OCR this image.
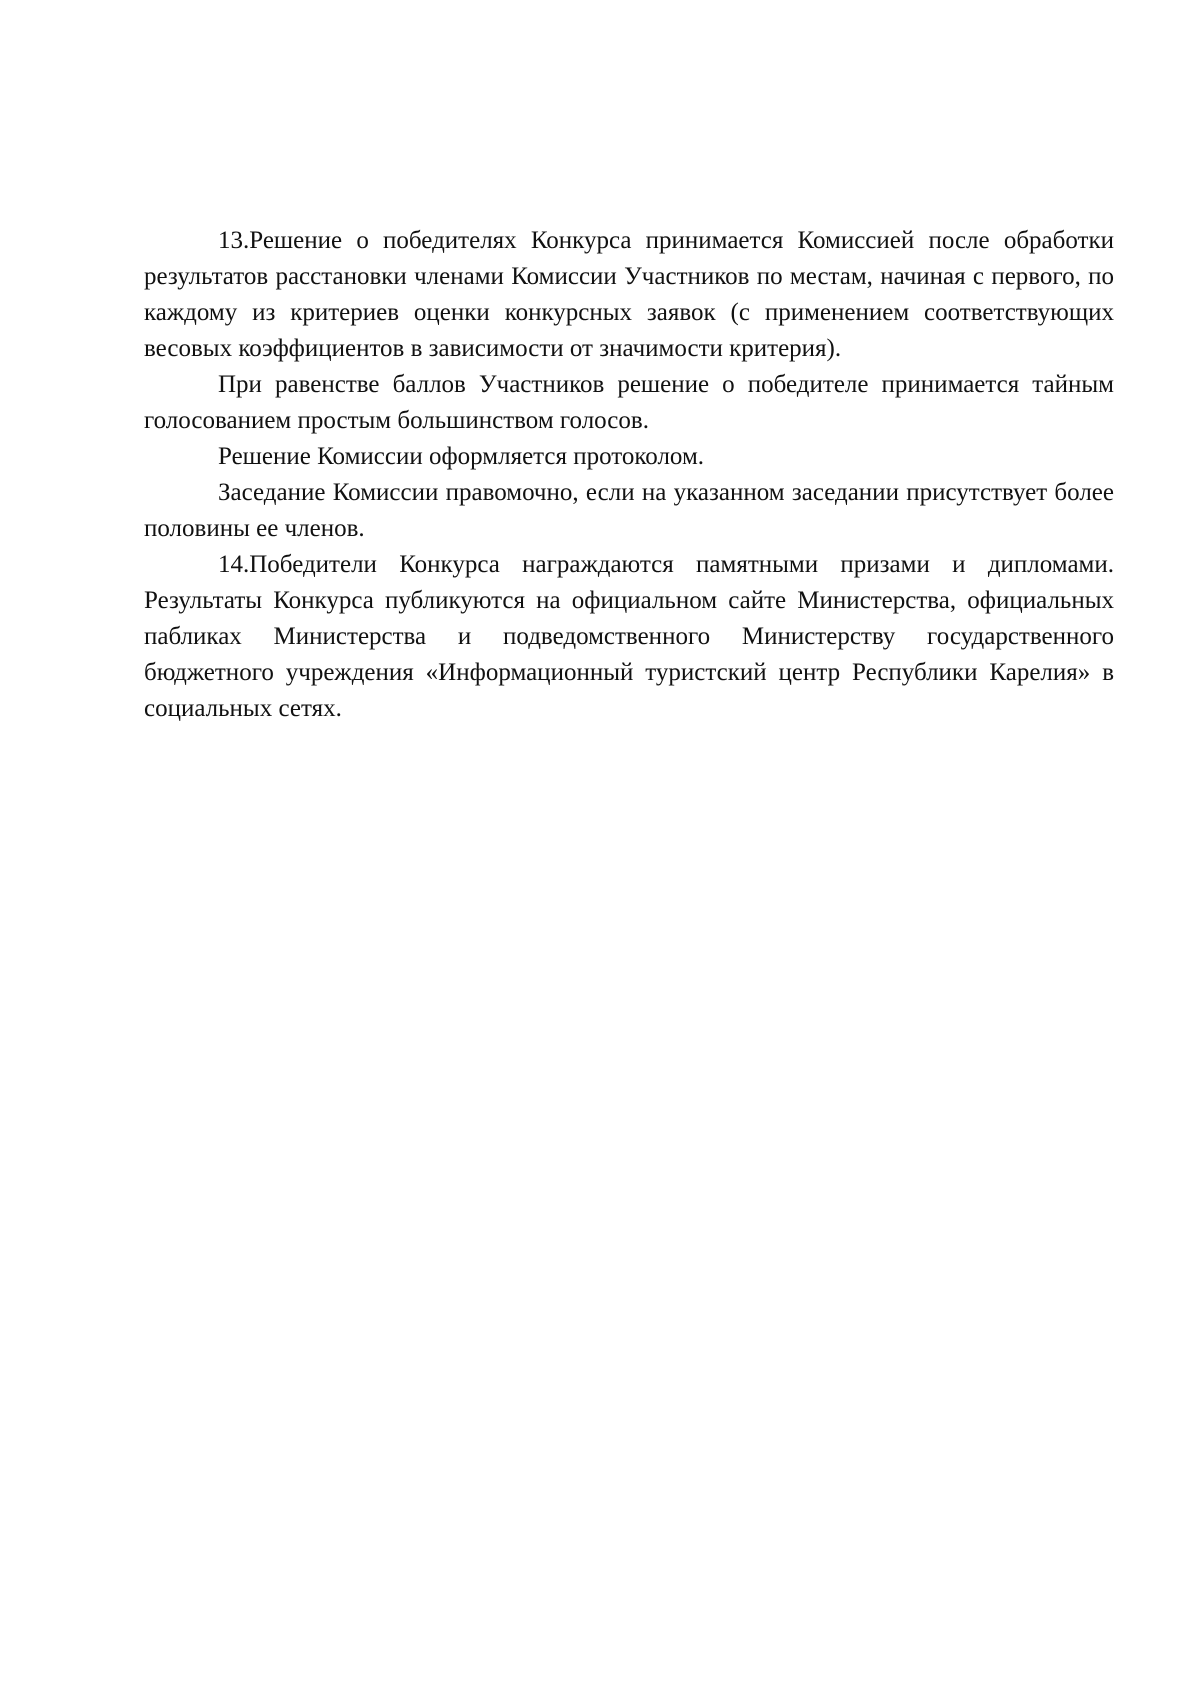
13.Решение о победителях Конкурса принимается Комиссией после обработки результатов расстановки членами Комиссии Участников по местам, начиная с первого, по каждому из критериев оценки конкурсных заявок (с применением соответствующих весовых коэффициентов в зависимости от значимости критерия).

При равенстве баллов Участников решение о победителе принимается тайным голосованием простым большинством голосов.

Решение Комиссии оформляется протоколом.

Заседание Комиссии правомочно, если на указанном заседании присутствует более половины ее членов.

14.Победители Конкурса награждаются памятными призами и дипломами. Результаты Конкурса публикуются на официальном сайте Министерства, официальных пабликах Министерства и подведомственного Министерству государственного бюджетного учреждения «Информационный туристский центр Республики Карелия» в социальных сетях.
